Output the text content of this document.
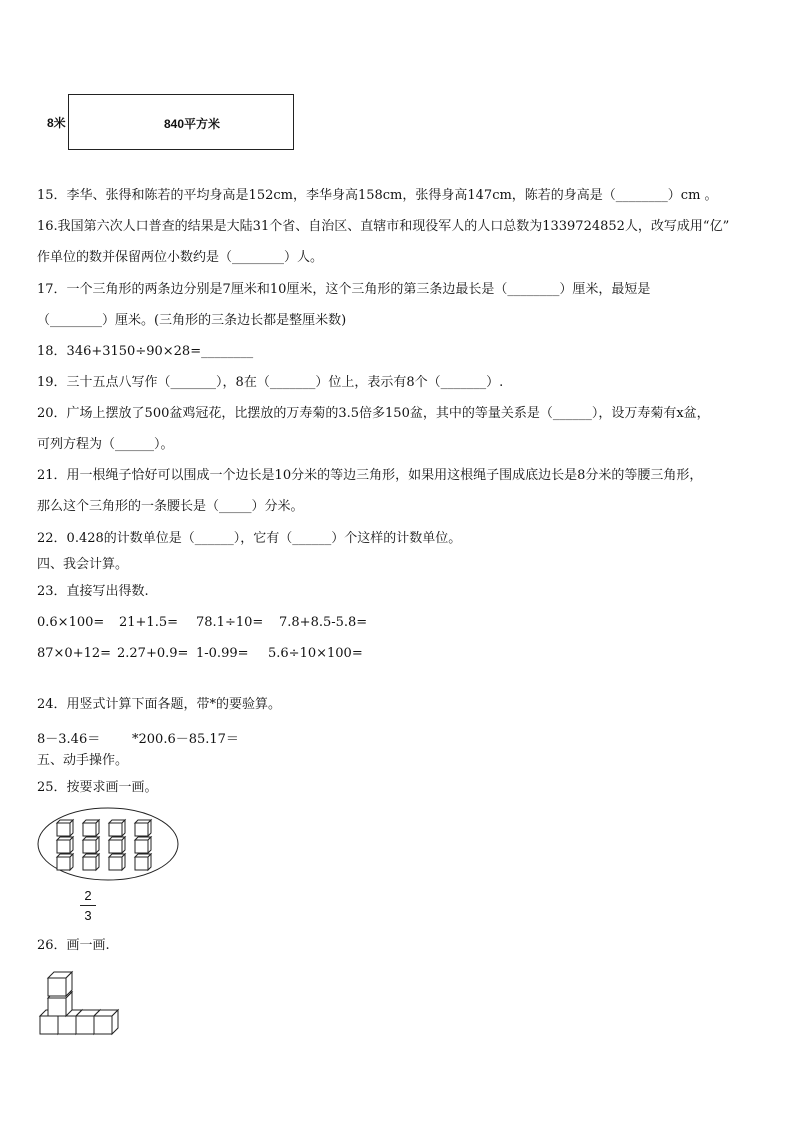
8米	840平方米
15．李华、张得和陈若的平均身高是152cm，李华身高158cm，张得身高147cm，陈若的身高是（________）cm 。
16.我国第六次人口普查的结果是大陆31个省、自治区、直辖市和现役军人的人口总数为1339724852人，改写成用“亿”
作单位的数并保留两位小数约是（________）人。
17．一个三角形的两条边分别是7厘米和10厘米，这个三角形的第三条边最长是（________）厘米，最短是
（________）厘米。(三角形的三条边长都是整厘米数)
18．346+3150÷90×28=________
19．三十五点八写作（_______），8在（_______）位上，表示有8个（_______）.
20．广场上摆放了500盆鸡冠花，比摆放的万寿菊的3.5倍多150盆，其中的等量关系是（______），设万寿菊有x盆，
可列方程为（______）。
21．用一根绳子恰好可以围成一个边长是10分米的等边三角形，如果用这根绳子围成底边长是8分米的等腰三角形，
那么这个三角形的一条腰长是（_____）分米。
22．0.428的计数单位是（______），它有（______）个这样的计数单位。
四、我会计算。
23．直接写出得数.
0.6×100= 21+1.5= 78.1÷10= 7.8+8.5-5.8=
87×0+12= 2.27+0.9= 1-0.99= 5.6÷10×100=
24．用竖式计算下面各题，带*的要验算。
8－3.46＝ *200.6－85.17＝
五、动手操作。
25．按要求画一画。
2
3
26．画一画.
